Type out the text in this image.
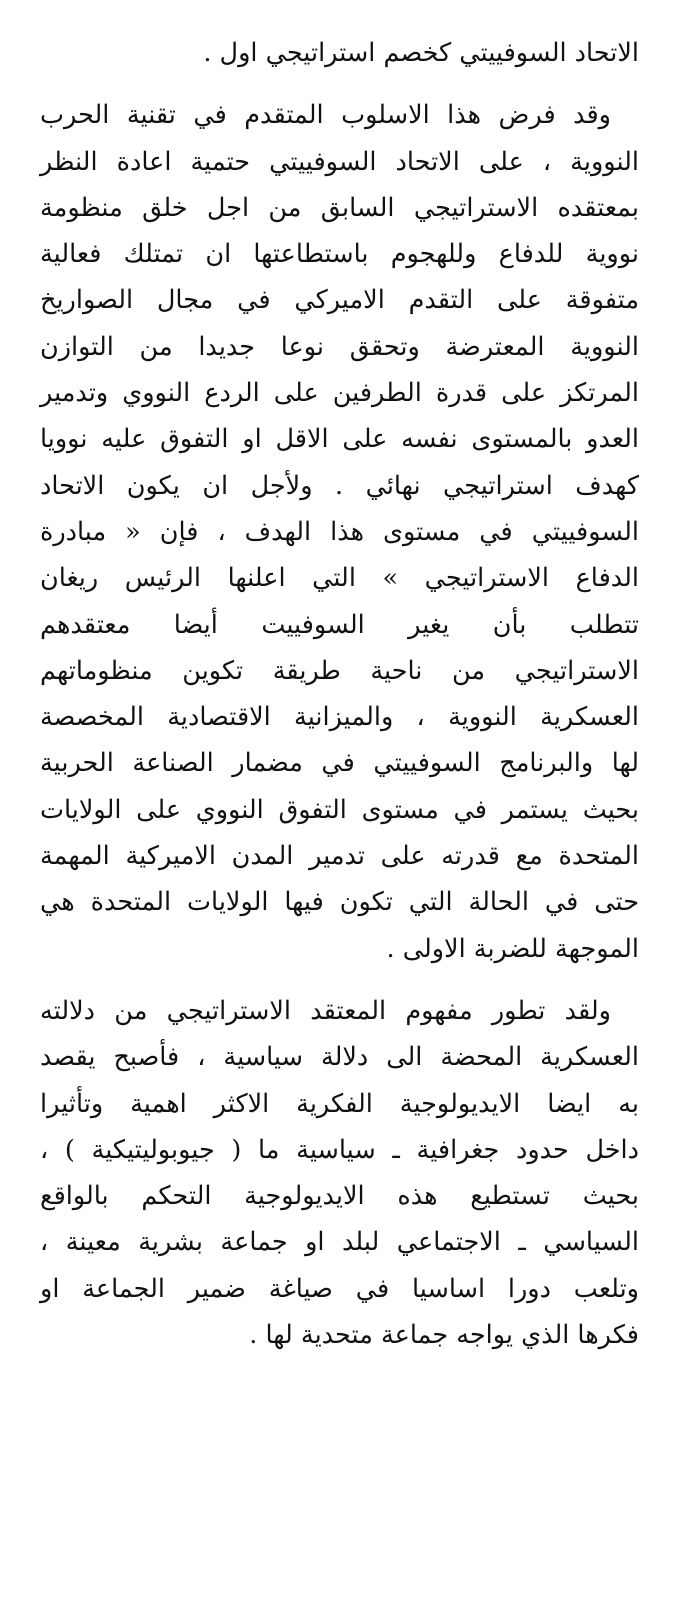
الاتحاد السوفييتي كخصم استراتيجي اول .
وقد فرض هذا الاسلوب المتقدم في تقنية الحرب
النووية ، على الاتحاد السوفييتي حتمية اعادة النظر
بمعتقده الاستراتيجي السابق من اجل خلق منظومة
نووية للدفاع وللهجوم باستطاعتها ان تمتلك فعالية
متفوقة على التقدم الاميركي في مجال الصواريخ
النووية المعترضة وتحقق نوعا جديدا من التوازن
المرتكز على قدرة الطرفين على الردع النووي وتدمير
العدو بالمستوى نفسه على الاقل او التفوق عليه نوويا
كهدف استراتيجي نهائي . ولأجل ان يكون الاتحاد
السوفييتي في مستوى هذا الهدف ، فإن « مبادرة
الدفاع الاستراتيجي » التي اعلنها الرئيس ريغان
تتطلب بأن يغير السوفييت أيضا معتقدهم
الاستراتيجي من ناحية طريقة تكوين منظوماتهم
العسكرية النووية ، والميزانية الاقتصادية المخصصة
لها والبرنامج السوفييتي في مضمار الصناعة الحربية
بحيث يستمر في مستوى التفوق النووي على الولايات
المتحدة مع قدرته على تدمير المدن الاميركية المهمة
حتى في الحالة التي تكون فيها الولايات المتحدة هي
الموجهة للضربة الاولى .
ولقد تطور مفهوم المعتقد الاستراتيجي من دلالته
العسكرية المحضة الى دلالة سياسية ، فأصبح يقصد
به ايضا الايديولوجية الفكرية الاكثر اهمية وتأثيرا
داخل حدود جغرافية ـ سياسية ما ( جيوبوليتيكية ) ،
بحيث تستطيع هذه الايديولوجية التحكم بالواقع
السياسي ـ الاجتماعي لبلد او جماعة بشرية معينة ،
وتلعب دورا اساسيا في صياغة ضمير الجماعة او
فكرها الذي يواجه جماعة متحدية لها .
